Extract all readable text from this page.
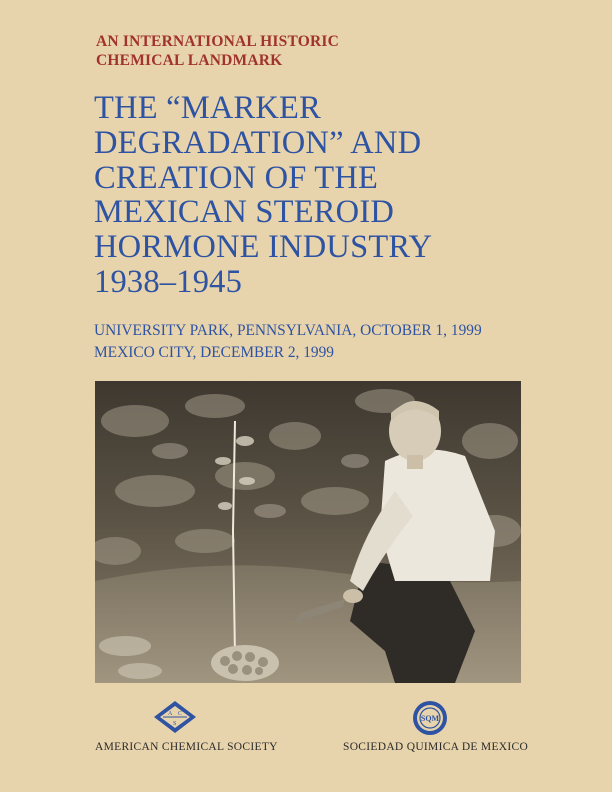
AN INTERNATIONAL HISTORIC
CHEMICAL LANDMARK
THE “MARKER
DEGRADATION” AND
CREATION OF THE
MEXICAN STEROID
HORMONE INDUSTRY
1938–1945
UNIVERSITY PARK, PENNSYLVANIA, OCTOBER 1, 1999
MEXICO CITY, DECEMBER 2, 1999
A C
S
AMERICAN CHEMICAL SOCIETY
SQM
SOCIEDAD QUIMICA DE MEXICO
